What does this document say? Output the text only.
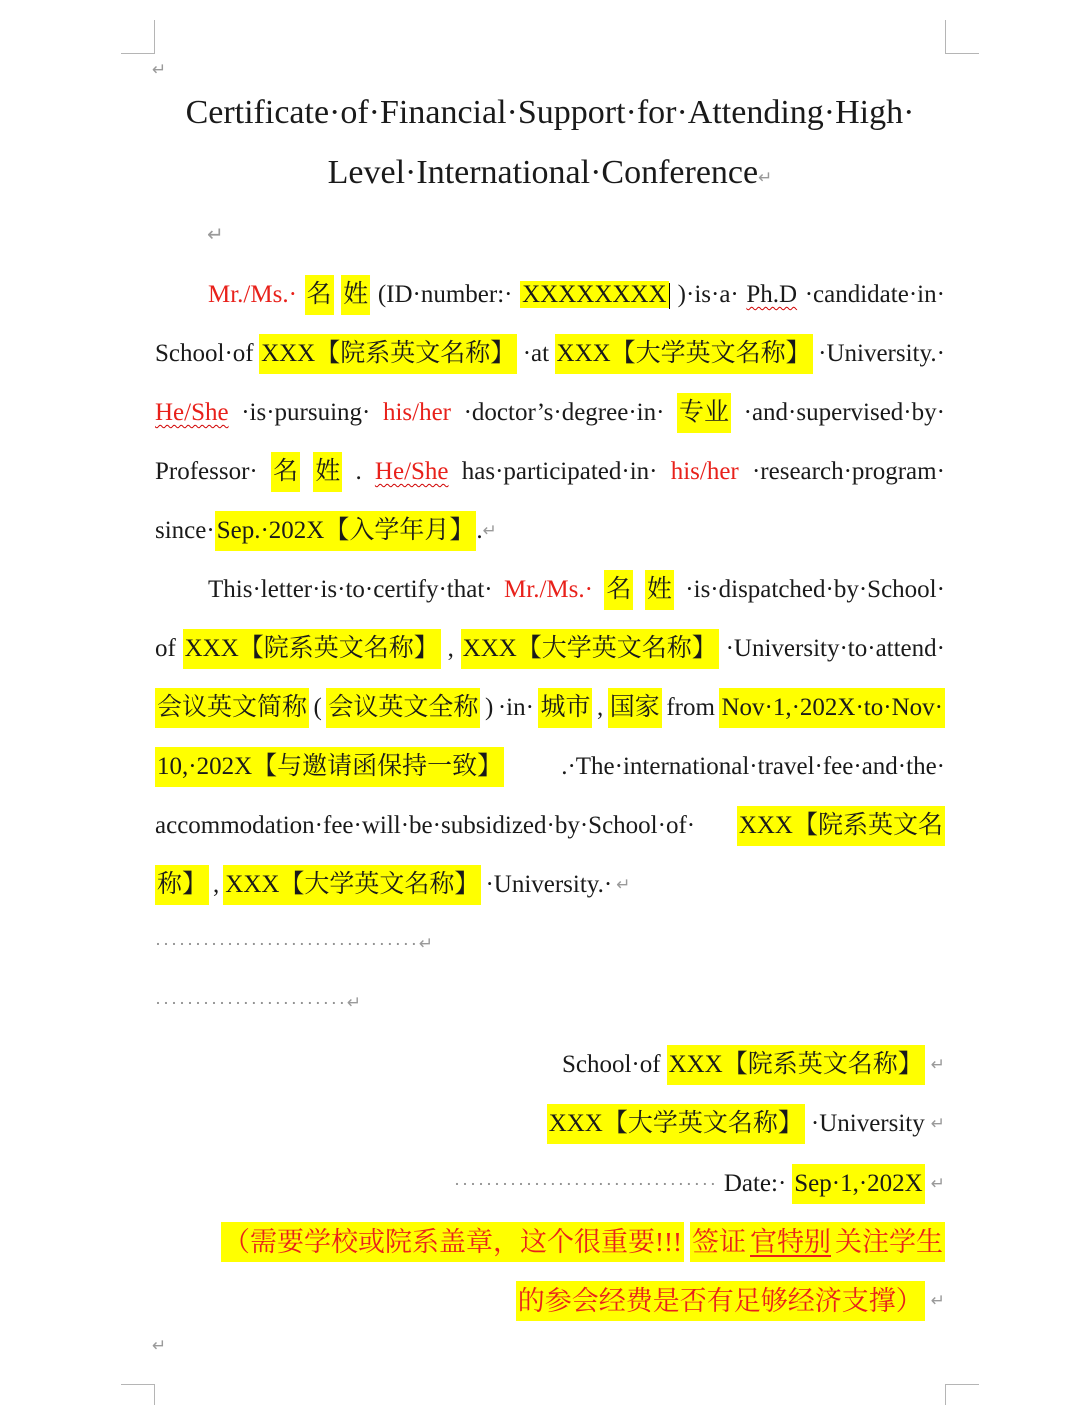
↵
Certificate·of·Financial·Support·for·Attending·High·
Level·International·Conference↵
↵
Mr./Ms.· 名 姓 (ID·number:· XXXXXXXX )·is·a· Ph.D ·candidate·in·
School·of XXX【院系英文名称】 ·at XXX【大学英文名称】 ·University.·
He/She ·is·pursuing· his/her ·doctor’s·degree·in· 专业 ·and·supervised·by·
Professor· 名 姓 . He/She has·participated·in· his/her ·research·program·
since· Sep.·202X【入学年月】 . ↵
This·letter·is·to·certify·that· Mr./Ms.· 名 姓 ·is·dispatched·by·School·
of XXX【院系英文名称】 , XXX【大学英文名称】 ·University·to·attend·
会议英文简称 ( 会议英文全称 ) ·in· 城市 , 国家 from Nov·1,·202X·to·Nov·
10,·202X【与邀请函保持一致】 .·The·international·travel·fee·and·the·
accommodation·fee·will·be·subsidized·by·School·of· XXX【院系英文名
称】 , XXX【大学英文名称】 ·University.· ↵
································· ↵
························ ↵
School·of XXX【院系英文名称】 ↵
XXX【大学英文名称】 ·University ↵
································· Date:· Sep·1,·202X ↵
（需要学校或院系盖章，这个很重要!!! 签证 官特别 关注学生
的参会经费是否有足够经济支撑） ↵
↵
